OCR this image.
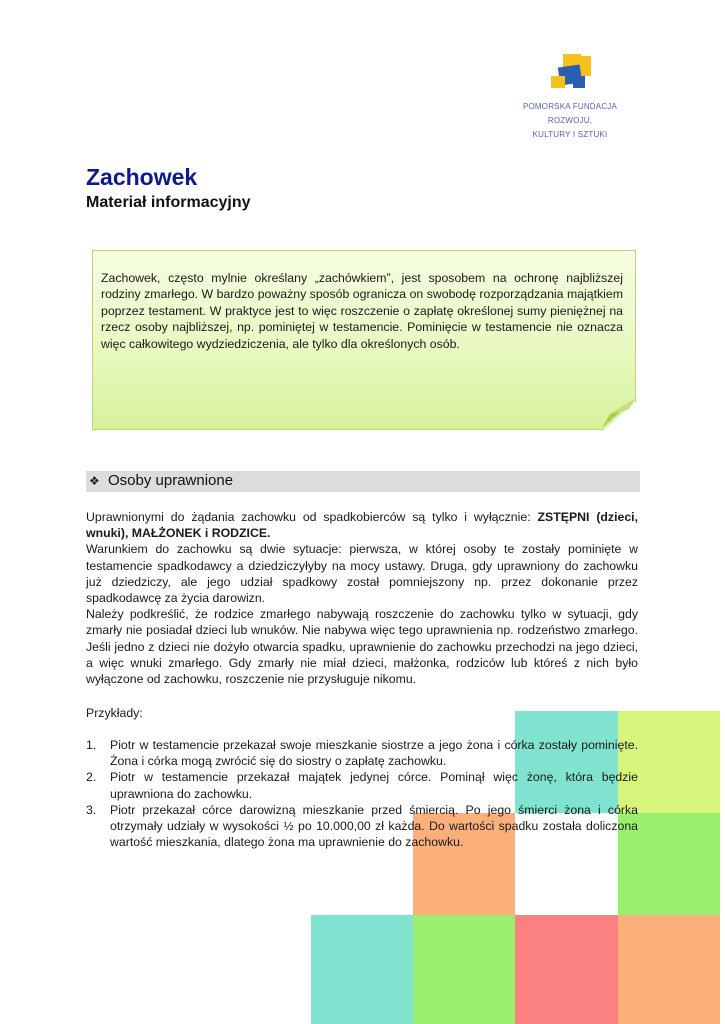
POMORSKA FUNDACJA ROZWOJU,
KULTURY I SZTUKI
Zachowek
Materiał informacyjny

Zachowek, często mylnie określany „zachówkiem”, jest sposobem na ochronę najbliższej rodziny zmarłego. W bardzo poważny sposób ogranicza on swobodę rozporządzania majątkiem poprzez testament. W praktyce jest to więc roszczenie o zapłatę określonej sumy pieniężnej na rzecz osoby najbliższej, np. pominiętej w testamencie. Pominięcie w testamencie nie oznacza więc całkowitego wydziedziczenia, ale tylko dla określonych osób.

❖ Osoby uprawnione
Uprawnionymi do żądania zachowku od spadkobierców są tylko i wyłącznie: ZSTĘPNI (dzieci, wnuki), MAŁŻONEK i RODZICE.
Warunkiem do zachowku są dwie sytuacje: pierwsza, w której osoby te zostały pominięte w testamencie spadkodawcy a dziedziczyłyby na mocy ustawy. Druga, gdy uprawniony do zachowku już dziedziczy, ale jego udział spadkowy został pomniejszony np. przez dokonanie przez spadkodawcę za życia darowizn.
Należy podkreślić, że rodzice zmarłego nabywają roszczenie do zachowku tylko w sytuacji, gdy zmarły nie posiadał dzieci lub wnuków. Nie nabywa więc tego uprawnienia np. rodzeństwo zmarłego. Jeśli jedno z dzieci nie dożyło otwarcia spadku, uprawnienie do zachowku przechodzi na jego dzieci, a więc wnuki zmarłego. Gdy zmarły nie miał dzieci, małżonka, rodziców lub któreś z nich było wyłączone od zachowku, roszczenie nie przysługuje nikomu.

Przykłady:

1. Piotr w testamencie przekazał swoje mieszkanie siostrze a jego żona i córka zostały pominięte. Żona i córka mogą zwrócić się do siostry o zapłatę zachowku.
2. Piotr w testamencie przekazał majątek jedynej córce. Pominął więc żonę, która będzie uprawniona do zachowku.
3. Piotr przekazał córce darowizną mieszkanie przed śmiercią. Po jego śmierci żona i córka otrzymały udziały w wysokości ½ po 10.000,00 zł każda. Do wartości spadku została doliczona wartość mieszkania, dlatego żona ma uprawnienie do zachowku.
